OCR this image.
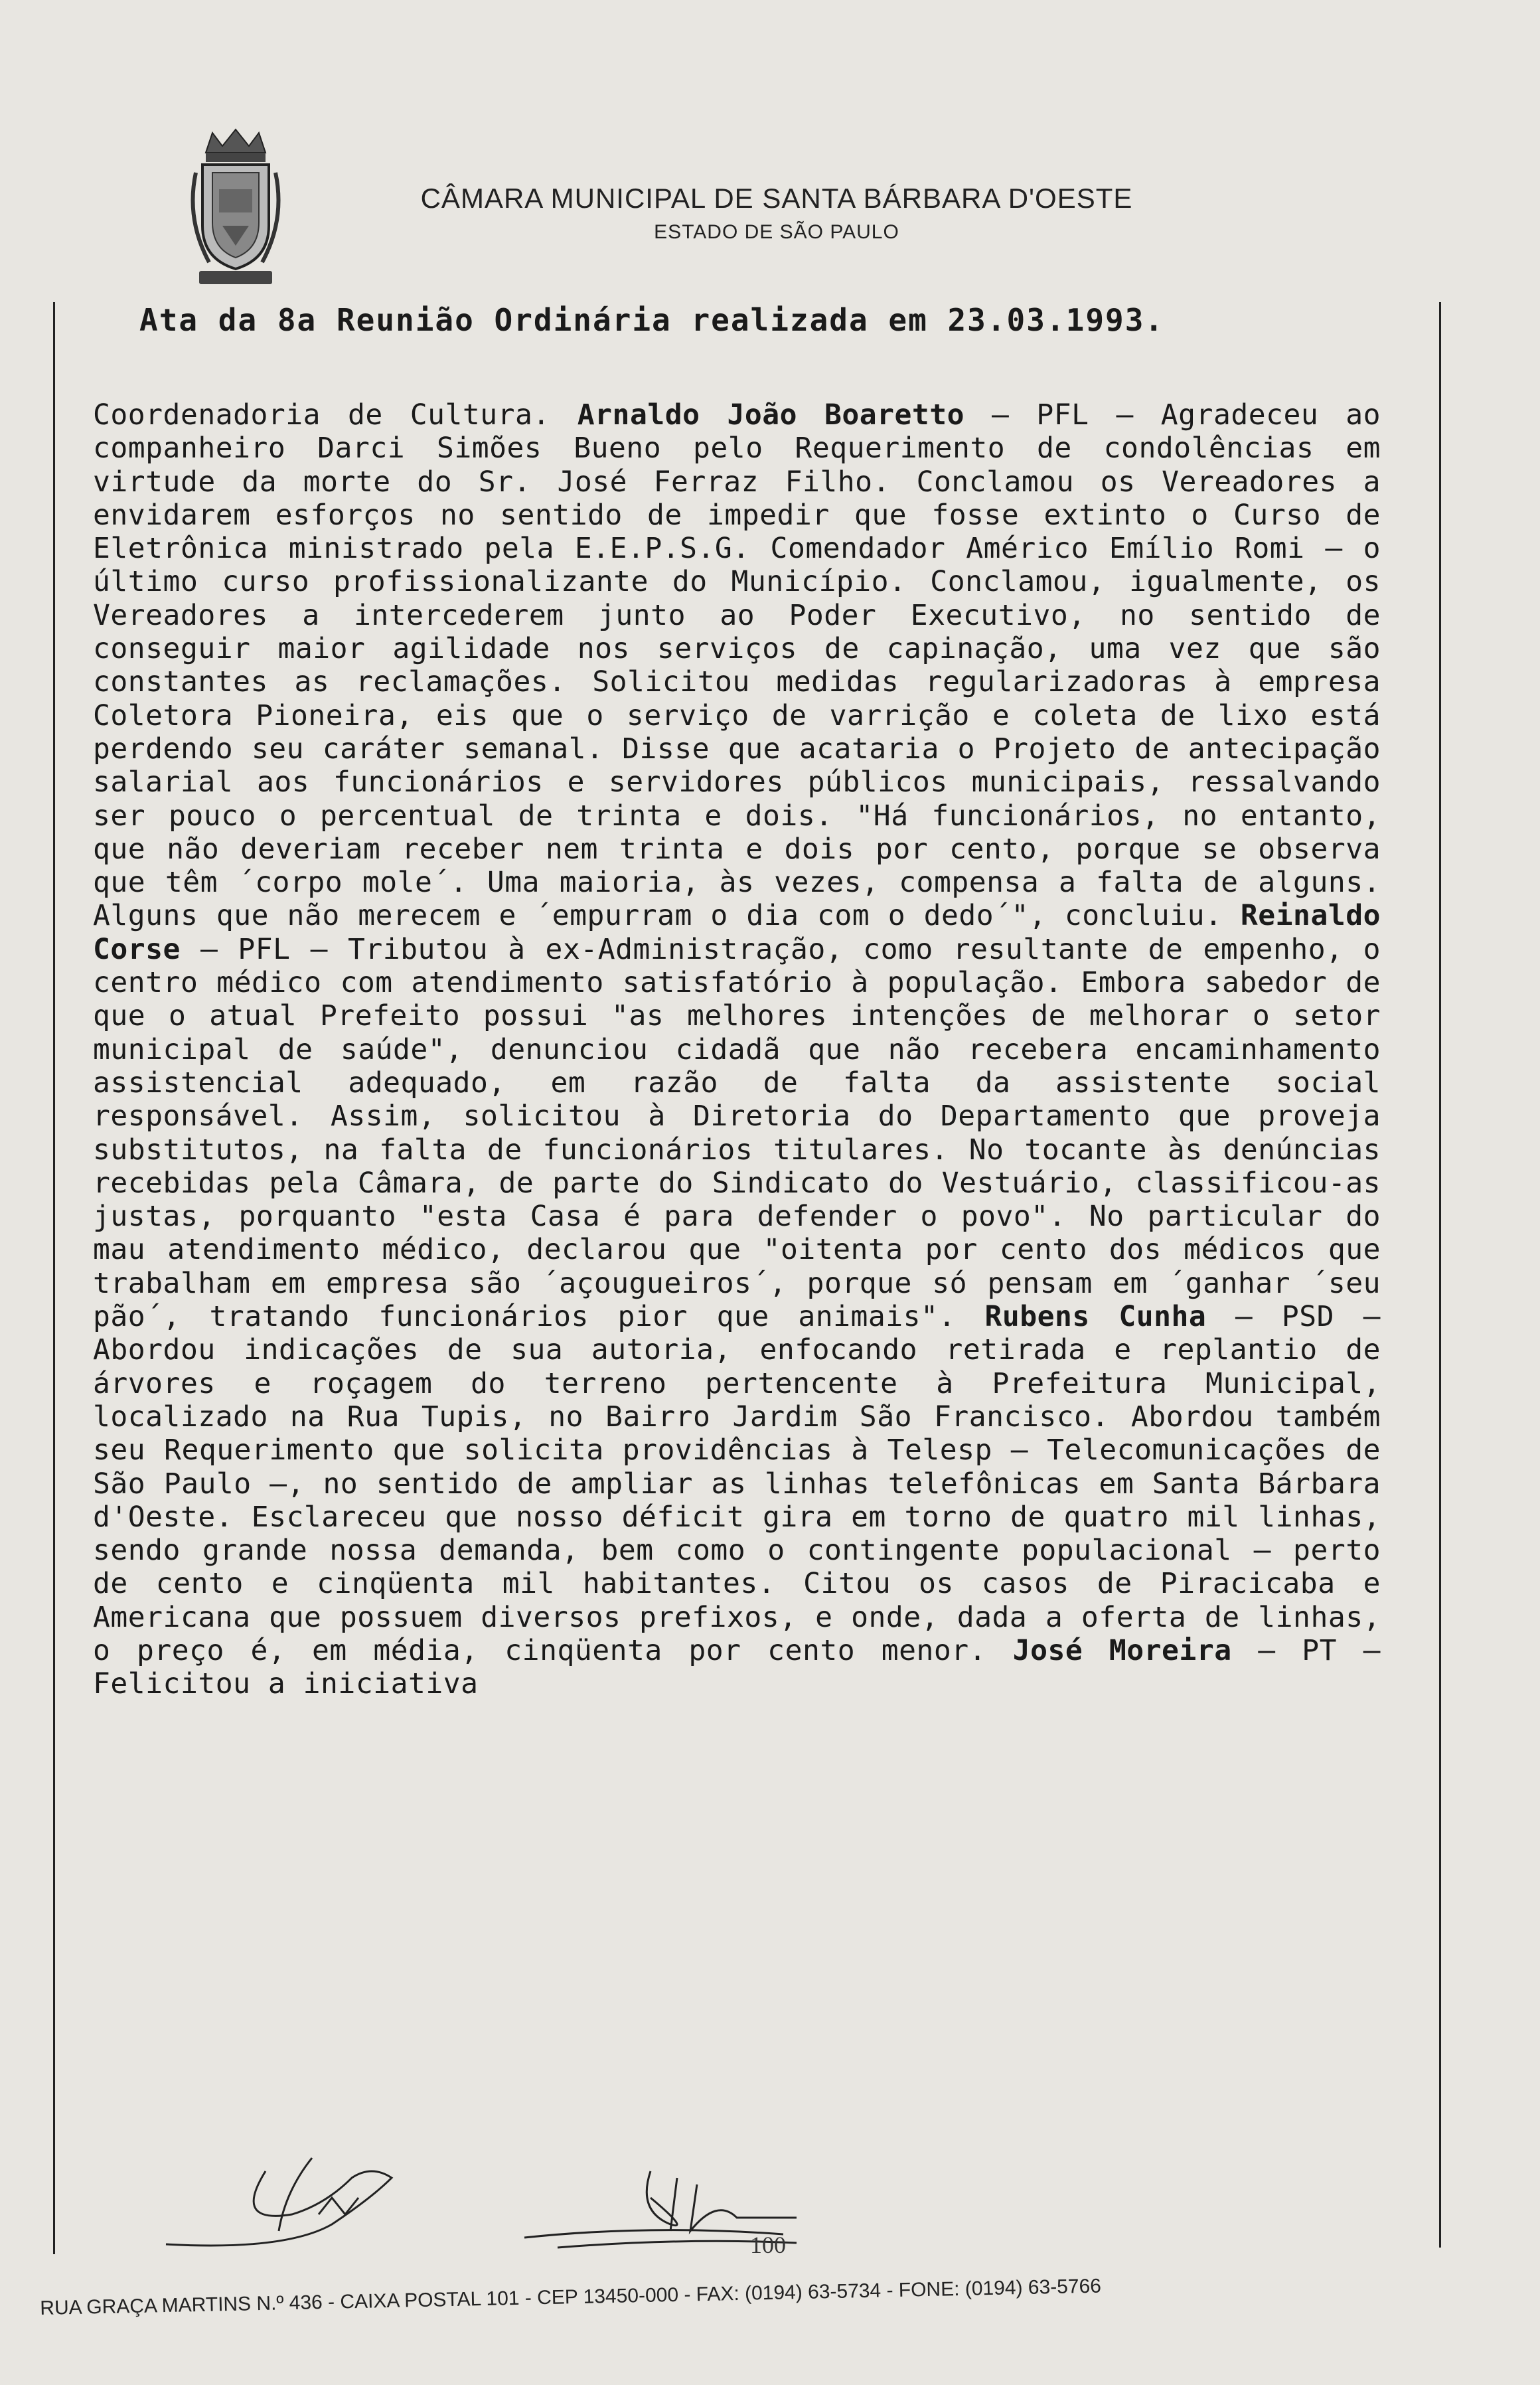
CÂMARA MUNICIPAL DE SANTA BÁRBARA D'OESTE
ESTADO DE SÃO PAULO
Ata da 8a Reunião Ordinária realizada em 23.03.1993.

Coordenadoria de Cultura. Arnaldo João Boaretto – PFL – Agradeceu ao companheiro Darci Simões Bueno pelo Requerimento de condolências em virtude da morte do Sr. José Ferraz Filho. Conclamou os Vereadores a envidarem esforços no sentido de impedir que fosse extinto o Curso de Eletrônica ministrado pela E.E.P.S.G. Comendador Américo Emílio Romi – o último curso profissionalizante do Município. Conclamou, igualmente, os Vereadores a intercederem junto ao Poder Executivo, no sentido de conseguir maior agilidade nos serviços de capinação, uma vez que são constantes as reclamações. Solicitou medidas regularizadoras à empresa Coletora Pioneira, eis que o serviço de varrição e coleta de lixo está perdendo seu caráter semanal. Disse que acataria o Projeto de antecipação salarial aos funcionários e servidores públicos municipais, ressalvando ser pouco o percentual de trinta e dois. "Há funcionários, no entanto, que não deveriam receber nem trinta e dois por cento, porque se observa que têm ´corpo mole´. Uma maioria, às vezes, compensa a falta de alguns. Alguns que não merecem e ´empurram o dia com o dedo´", concluiu. Reinaldo Corse – PFL – Tributou à ex-Administração, como resultante de empenho, o centro médico com atendimento satisfatório à população. Embora sabedor de que o atual Prefeito possui "as melhores intenções de melhorar o setor municipal de saúde", denunciou cidadã que não recebera encaminhamento assistencial adequado, em razão de falta da assistente social responsável. Assim, solicitou à Diretoria do Departamento que proveja substitutos, na falta de funcionários titulares. No tocante às denúncias recebidas pela Câmara, de parte do Sindicato do Vestuário, classificou-as justas, porquanto "esta Casa é para defender o povo". No particular do mau atendimento médico, declarou que "oitenta por cento dos médicos que trabalham em empresa são ´açougueiros´, porque só pensam em ´ganhar ´seu pão´, tratando funcionários pior que animais". Rubens Cunha – PSD – Abordou indicações de sua autoria, enfocando retirada e replantio de árvores e roçagem do terreno pertencente à Prefeitura Municipal, localizado na Rua Tupis, no Bairro Jardim São Francisco. Abordou também seu Requerimento que solicita providências à Telesp – Telecomunicações de São Paulo –, no sentido de ampliar as linhas telefônicas em Santa Bárbara d'Oeste. Esclareceu que nosso déficit gira em torno de quatro mil linhas, sendo grande nossa demanda, bem como o contingente populacional – perto de cento e cinqüenta mil habitantes. Citou os casos de Piracicaba e Americana que possuem diversos prefixos, e onde, dada a oferta de linhas, o preço é, em média, cinqüenta por cento menor. José Moreira – PT – Felicitou a iniciativa

100
RUA GRAÇA MARTINS N.º 436 - CAIXA POSTAL 101 - CEP 13450-000 - FAX: (0194) 63-5734 - FONE: (0194) 63-5766
